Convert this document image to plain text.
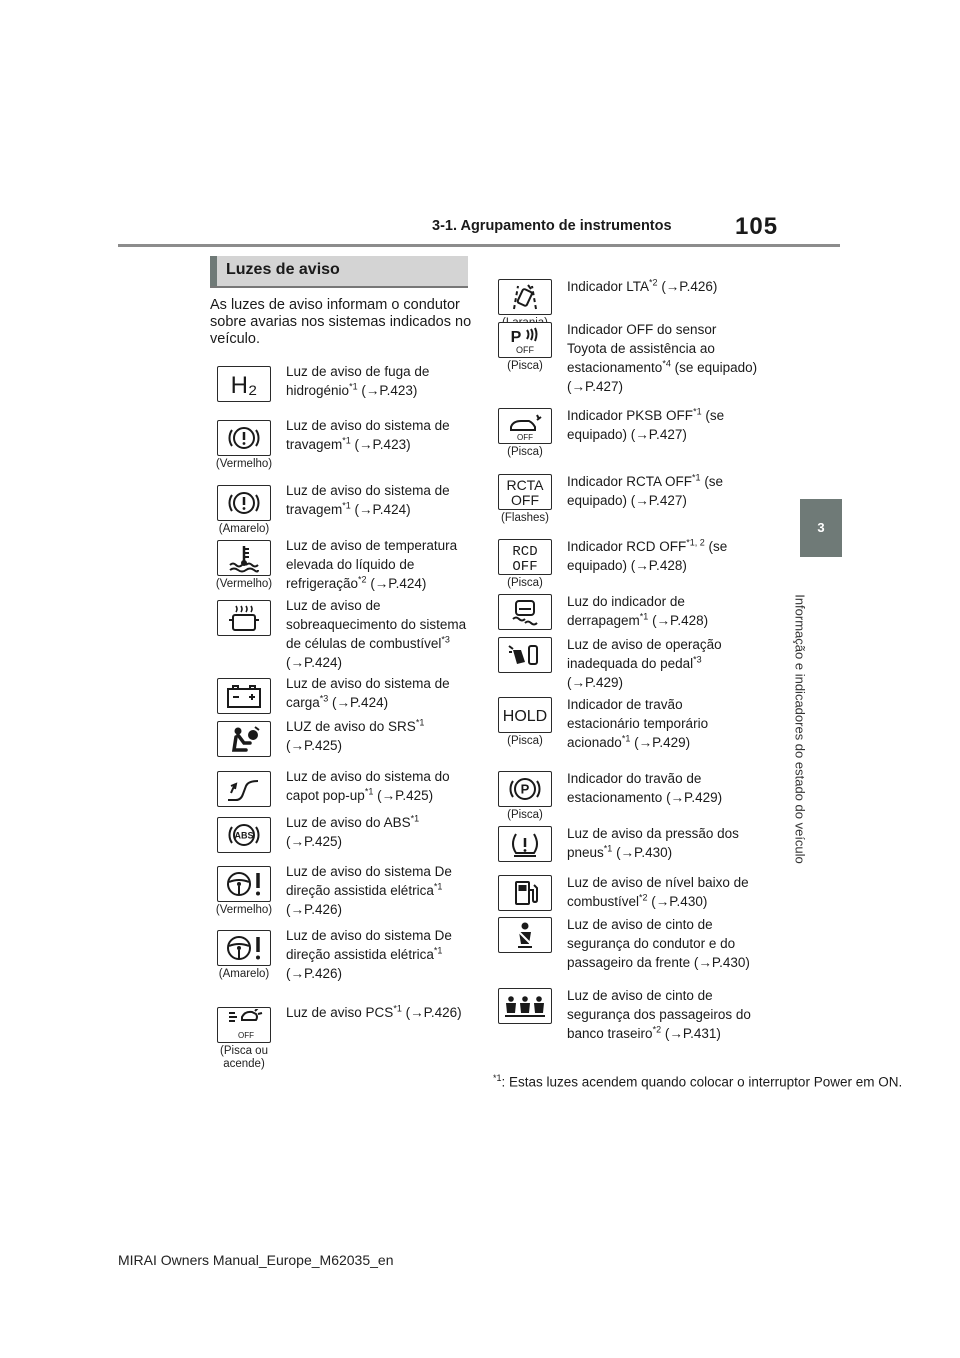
3-1. Agrupamento de instrumentos	105
3
Informação e indicadores do estado do veículo
Luzes de aviso
As luzes de aviso informam o condutor sobre avarias nos sistemas indicados no veículo.
H₂
Luz de aviso de fuga de hidrogénio$^{*1}$ (→P.423)
(Vermelho)
Luz de aviso do sistema de travagem$^{*1}$ (→P.423)
(Amarelo)
Luz de aviso do sistema de travagem$^{*1}$ (→P.424)
(Vermelho)
Luz de aviso de temperatura elevada do líquido de refrigeração$^{*2}$ (→P.424)
Luz de aviso de sobreaquecimento do sistema de células de combustível$^{*3}$ (→P.424)
Luz de aviso do sistema de carga$^{*3}$ (→P.424)
LUZ de aviso do SRS$^{*1}$ (→P.425)
Luz de aviso do sistema do capot pop-$up^{*1}$ (→P.425)
ABS
Luz de aviso do ABS$^{*1}$ (→P.425)
(Vermelho)
Luz de aviso do sistema De direção assistida elétrica$^{*1}$ (→P.426)
(Amarelo)
Luz de aviso do sistema De direção assistida elétrica$^{*1}$ (→P.426)
OFF
(Pisca ou acende)
Luz de aviso PCS$^{*1}$ (→P.426)
Indicador LTA$^{*2}$ (→P.426)
P
OFF
(Pisca)
Indicador OFF do sensor Toyota de assistência ao estacionamento$^{*4}$ (se equipado) (→P.427)
OFF
(Pisca)
Indicador PKSB OFF$^{*1}$ (se equipado) (→P.427)
RCTA
OFF
(Flashes)
Indicador RCTA OFF$^{*1}$ (se equipado) (→P.427)
RCD
OFF
(Pisca)
Indicador RCD OFF$^{*1, 2}$ (se equipado) (→P.428)
Luz do indicador de derrapagem$^{*1}$ (→P.428)
Luz de aviso de operação inadequada do pedal$^{*3}$ (→P.429)
HOLD
(Pisca)
Indicador de travão estacionário temporário acionado$^{*1}$ (→P.429)
P
(Pisca)
Indicador do travão de estacionamento (→P.429)
Luz de aviso da pressão dos pneus$^{*1}$ (→P.430)
Luz de aviso de nível baixo de combustível$^{*2}$ (→P.430)
Luz de aviso de cinto de segurança do condutor e do passageiro da frente (→P.430)
Luz de aviso de cinto de segurança dos passageiros do banco traseiro$^{*2}$ (→P.431)
$^{*1}$: Estas luzes acendem quando colocar o interruptor Power em ON.

MIRAI Owners Manual_Europe_M62035_en
